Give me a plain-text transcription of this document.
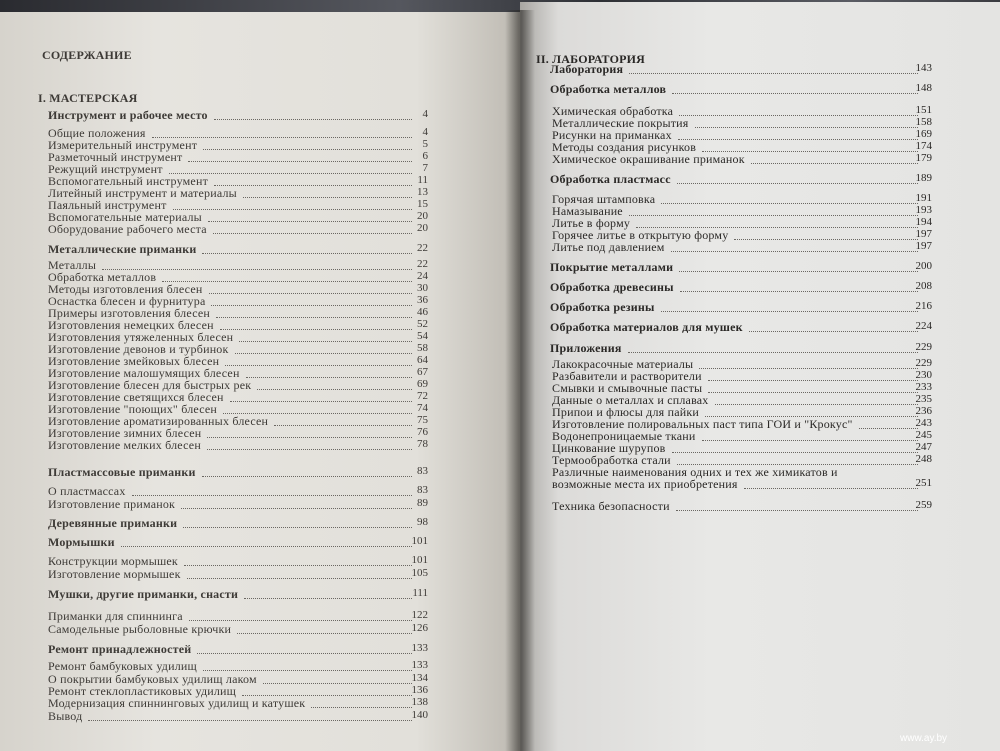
СОДЕРЖАНИЕ
I. МАСТЕРСКАЯ
Инструмент и рабочее место	4
Общие положения	4
Измерительный инструмент	5
Разметочный инструмент	6
Режущий инструмент	7
Вспомогательный инструмент	11
Литейный инструмент и материалы	13
Паяльный инструмент	15
Вспомогательные материалы	20
Оборудование рабочего места	20
Металлические приманки	22
Металлы	22
Обработка металлов	24
Методы изготовления блесен	30
Оснастка блесен и фурнитура	36
Примеры изготовления блесен	46
Изготовления немецких блесен	52
Изготовления утяжеленных блесен	54
Изготовление девонов и турбинок	58
Изготовление змейковых блесен	64
Изготовление малошумящих блесен	67
Изготовление блесен для быстрых рек	69
Изготовление светящихся блесен	72
Изготовление "поющих" блесен	74
Изготовление ароматизированных блесен	75
Изготовление зимних блесен	76
Изготовление мелких блесен	78
Пластмассовые приманки	83
О пластмассах	83
Изготовление приманок	89
Деревянные приманки	98
Мормышки	101
Конструкции мормышек	101
Изготовление мормышек	105
Мушки, другие приманки, снасти	111
Приманки для спиннинга	122
Самодельные рыболовные крючки	126
Ремонт принадлежностей	133
Ремонт бамбуковых удилищ	133
О покрытии бамбуковых удилищ лаком	134
Ремонт стеклопластиковых удилищ	136
Модернизация спиннинговых удилищ и катушек	138
Вывод	140
II. ЛАБОРАТОРИЯ
Лаборатория	143
Обработка металлов	148
Химическая обработка	151
Металлические покрытия	158
Рисунки на приманках	169
Методы создания рисунков	174
Химическое окрашивание приманок	179
Обработка пластмасс	189
Горячая штамповка	191
Намазывание	193
Литье в форму	194
Горячее литье в открытую форму	197
Литье под давлением	197
Покрытие металлами	200
Обработка древесины	208
Обработка резины	216
Обработка материалов для мушек	224
Приложения	229
Лакокрасочные материалы	229
Разбавители и растворители	230
Смывки и смывочные пасты	233
Данные о металлах и сплавах	235
Припои и флюсы для пайки	236
Изготовление полировальных паст типа ГОИ и "Крокус"	243
Водонепроницаемые ткани	245
Цинкование шурупов	247
Термообработка стали	248
Различные наименования одних и тех же химикатов и
возможные места их приобретения	251
Техника безопасности	259
www.ay.by
